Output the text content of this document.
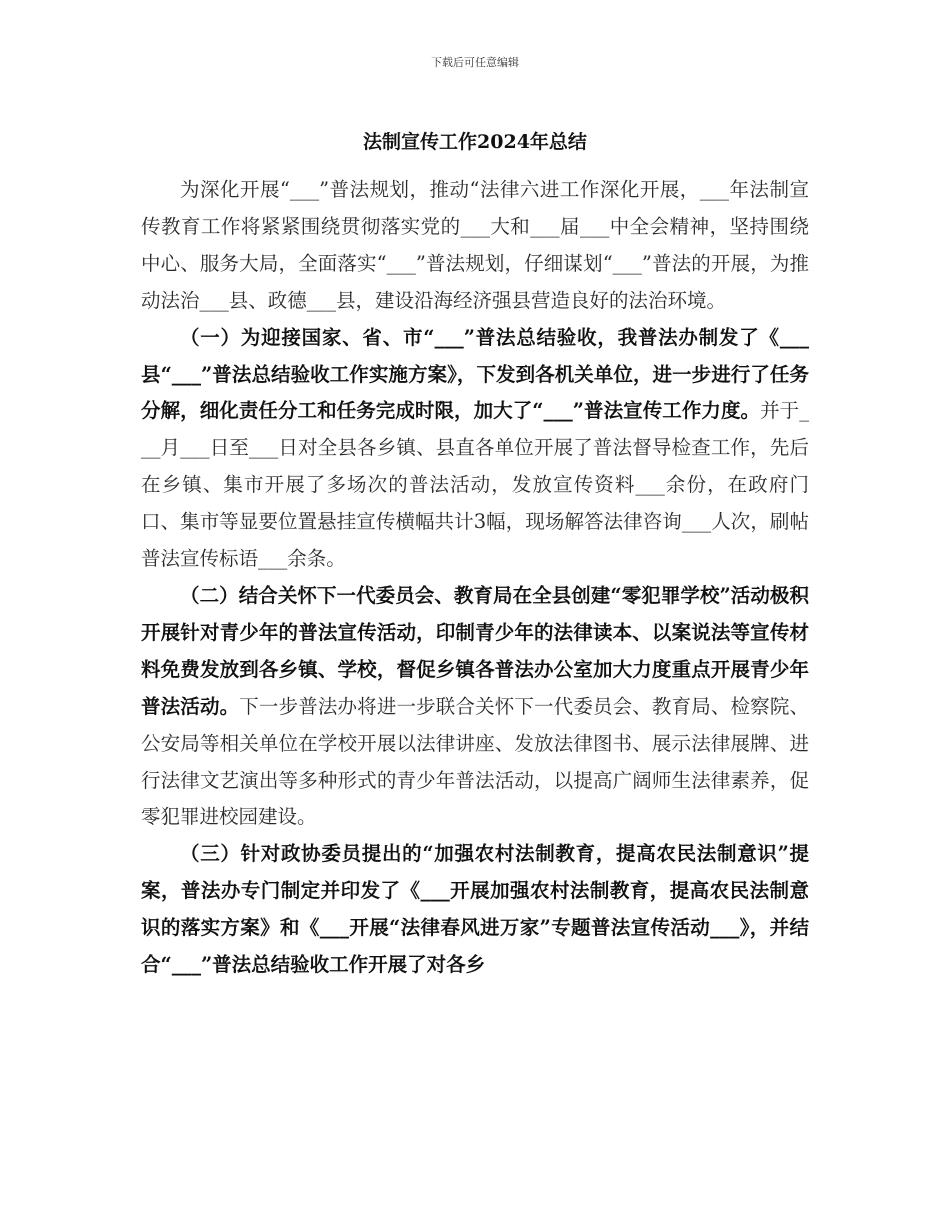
下载后可任意编辑
法制宣传工作2024年总结

为深化开展“___”普法规划，推动“法律六进工作深化开展，___年法制宣传教育工作将紧紧围绕贯彻落实党的___大和___届___中全会精神，坚持围绕中心、服务大局，全面落实“___”普法规划，仔细谋划“___”普法的开展，为推动法治___县、政德___县，建设沿海经济强县营造良好的法治环境。

（一）为迎接国家、省、市“___”普法总结验收，我普法办制发了《___县“___”普法总结验收工作实施方案》，下发到各机关单位，进一步进行了任务分解，细化责任分工和任务完成时限，加大了“___”普法宣传工作力度。并于___月___日至___日对全县各乡镇、县直各单位开展了普法督导检查工作，先后在乡镇、集市开展了多场次的普法活动，发放宣传资料___余份，在政府门口、集市等显要位置悬挂宣传横幅共计3幅，现场解答法律咨询___人次，刷帖普法宣传标语___余条。

（二）结合关怀下一代委员会、教育局在全县创建“零犯罪学校”活动极积开展针对青少年的普法宣传活动，印制青少年的法律读本、以案说法等宣传材料免费发放到各乡镇、学校，督促乡镇各普法办公室加大力度重点开展青少年普法活动。下一步普法办将进一步联合关怀下一代委员会、教育局、检察院、公安局等相关单位在学校开展以法律讲座、发放法律图书、展示法律展牌、进行法律文艺演出等多种形式的青少年普法活动，以提高广阔师生法律素养，促零犯罪进校园建设。

（三）针对政协委员提出的“加强农村法制教育，提高农民法制意识”提案，普法办专门制定并印发了《___开展加强农村法制教育，提高农民法制意识的落实方案》和《___开展“法律春风进万家”专题普法宣传活动___》，并结合“___”普法总结验收工作开展了对各乡
